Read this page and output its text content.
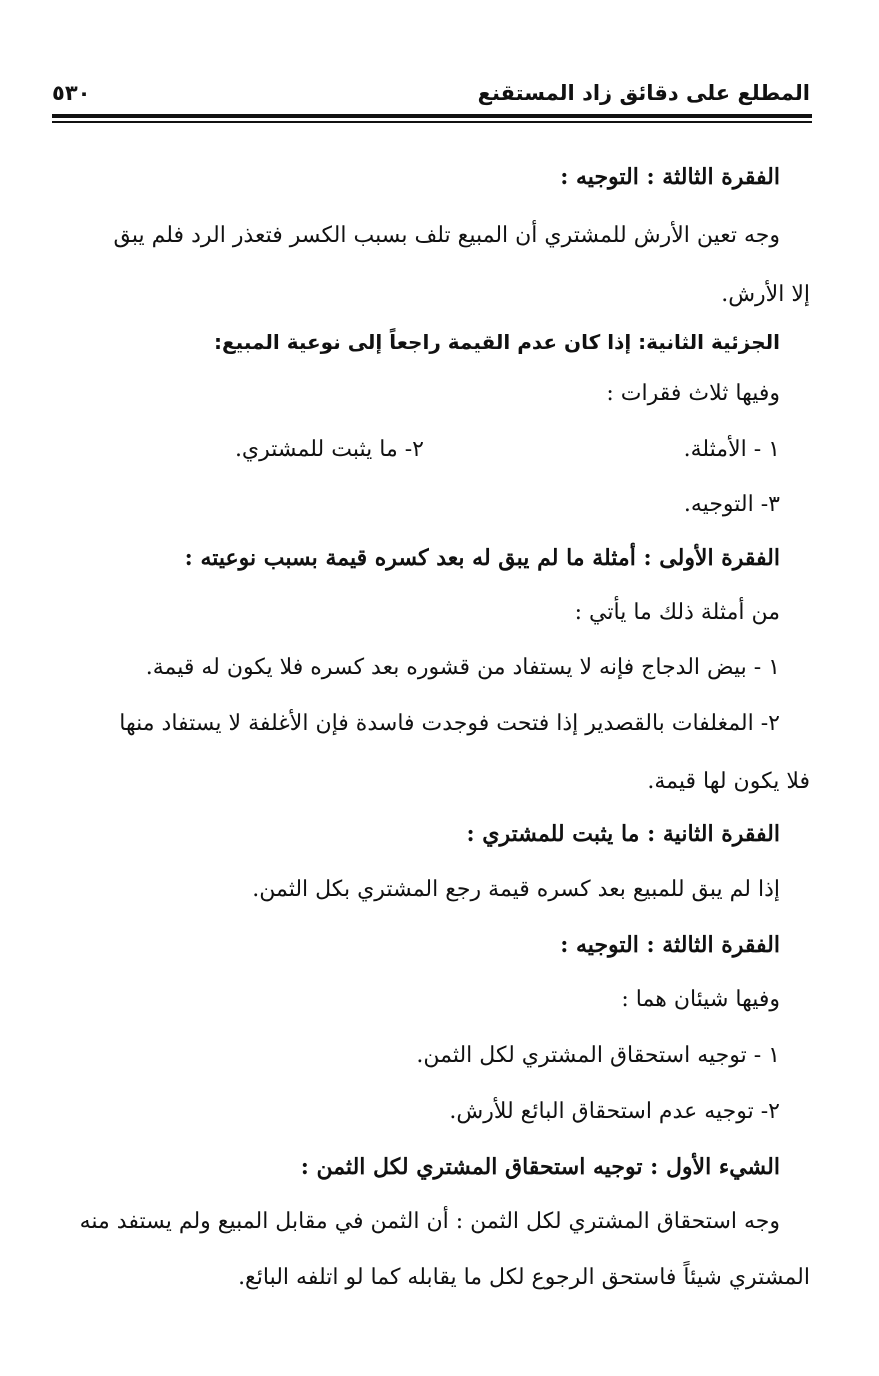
المطلع على دقائق زاد المستقنع
٥٣٠
الفقرة الثالثة : التوجيه :
وجه تعين الأرش للمشتري أن المبيع تلف بسبب الكسر فتعذر الرد فلم يبق
إلا الأرش.
الجزئية الثانية: إذا كان عدم القيمة راجعاً إلى نوعية المبيع:
وفيها ثلاث فقرات :
١ - الأمثلة.
٢- ما يثبت للمشتري.
٣- التوجيه.
الفقرة الأولى : أمثلة ما لم يبق له بعد كسره قيمة بسبب نوعيته :
من أمثلة ذلك ما يأتي :
١ - بيض الدجاج فإنه لا يستفاد من قشوره بعد كسره فلا يكون له قيمة.
٢- المغلفات بالقصدير إذا فتحت فوجدت فاسدة فإن الأغلفة لا يستفاد منها
فلا يكون لها قيمة.
الفقرة الثانية : ما يثبت للمشتري :
إذا لم يبق للمبيع بعد كسره قيمة رجع المشتري بكل الثمن.
الفقرة الثالثة : التوجيه :
وفيها شيئان هما :
١ - توجيه استحقاق المشتري لكل الثمن.
٢- توجيه عدم استحقاق البائع للأرش.
الشيء الأول : توجيه استحقاق المشتري لكل الثمن :
وجه استحقاق المشتري لكل الثمن : أن الثمن في مقابل المبيع ولم يستفد منه
المشتري شيئاً فاستحق الرجوع لكل ما يقابله كما لو اتلفه البائع.
